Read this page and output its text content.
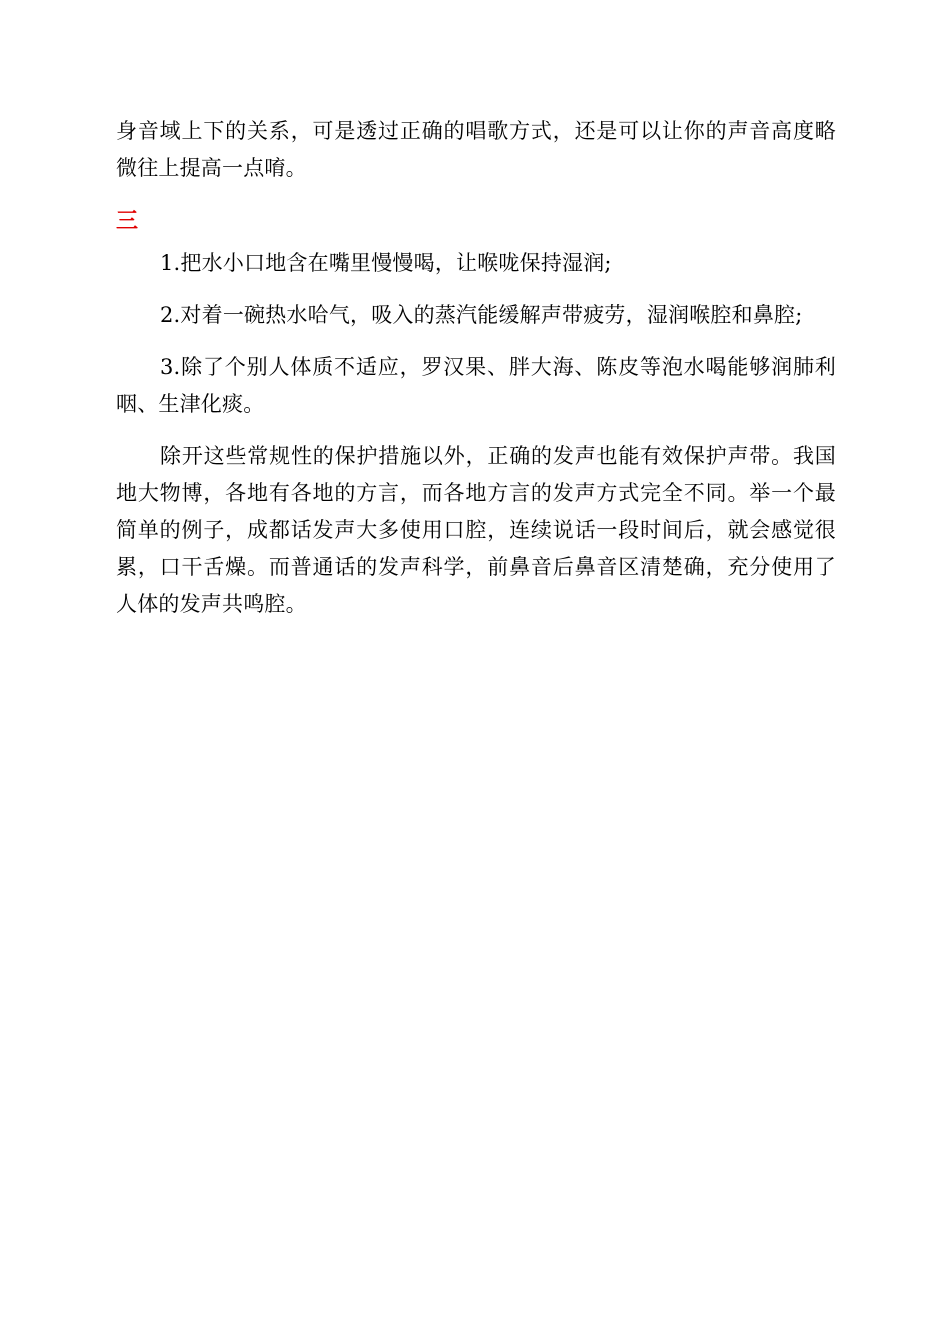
身音域上下的关系，可是透过正确的唱歌方式，还是可以让你的声音高度略微往上提高一点唷。

三

1.把水小口地含在嘴里慢慢喝，让喉咙保持湿润;

2.对着一碗热水哈气，吸入的蒸汽能缓解声带疲劳，湿润喉腔和鼻腔;

3.除了个别人体质不适应，罗汉果、胖大海、陈皮等泡水喝能够润肺利咽、生津化痰。

除开这些常规性的保护措施以外，正确的发声也能有效保护声带。我国地大物博，各地有各地的方言，而各地方言的发声方式完全不同。举一个最简单的例子，成都话发声大多使用口腔，连续说话一段时间后，就会感觉很累，口干舌燥。而普通话的发声科学，前鼻音后鼻音区清楚确，充分使用了人体的发声共鸣腔。
